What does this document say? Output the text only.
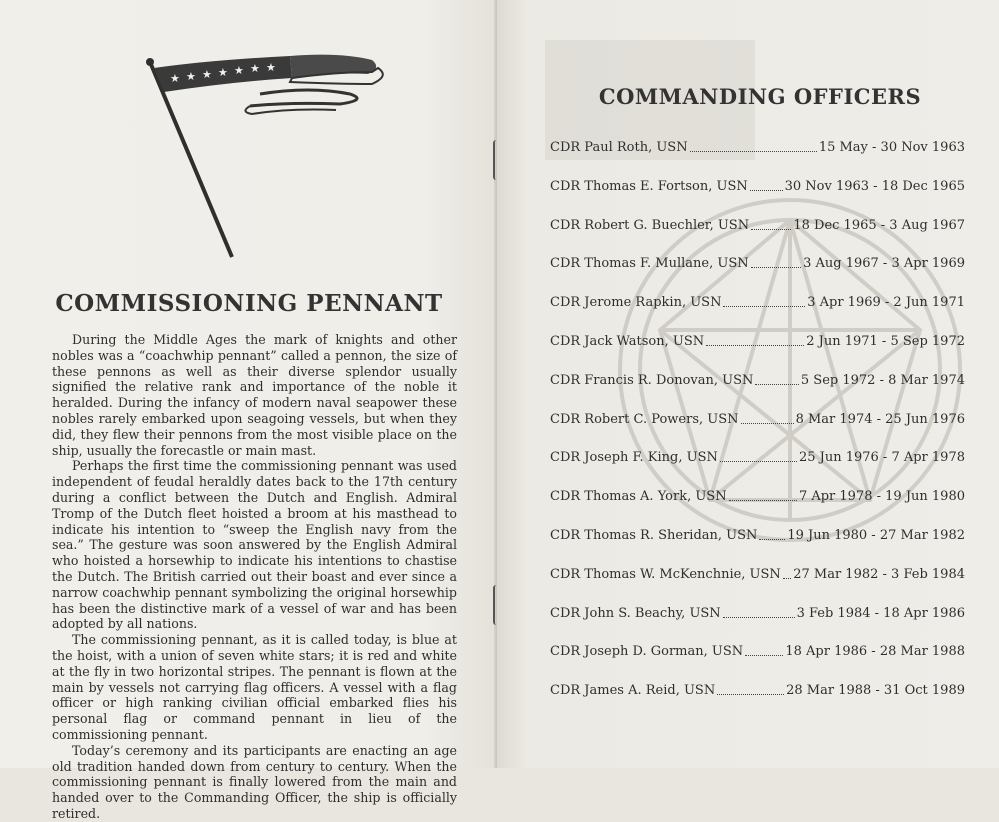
★ ★ ★ ★ ★ ★ ★
COMMISSIONING PENNANT

During the Middle Ages the mark of knights and other nobles was a “coachwhip pennant” called a pennon, the size of these pennons as well as their diverse splendor usually signified the relative rank and importance of the noble it heralded. During the infancy of modern naval seapower these nobles rarely embarked upon seagoing vessels, but when they did, they flew their pennons from the most visible place on the ship, usually the forecastle or main mast.

Perhaps the first time the commissioning pennant was used independent of feudal heraldly dates back to the 17th century during a conflict between the Dutch and English. Admiral Tromp of the Dutch fleet hoisted a broom at his masthead to indicate his intention to “sweep the English navy from the sea.” The gesture was soon answered by the English Admiral who hoisted a horsewhip to indicate his intentions to chastise the Dutch. The British carried out their boast and ever since a narrow coachwhip pennant symbolizing the original horsewhip has been the distinctive mark of a vessel of war and has been adopted by all nations.

The commissioning pennant, as it is called today, is blue at the hoist, with a union of seven white stars; it is red and white at the fly in two horizontal stripes. The pennant is flown at the main by vessels not carrying flag officers. A vessel with a flag officer or high ranking civilian official embarked flies his personal flag or command pennant in lieu of the commissioning pennant.

Today’s ceremony and its participants are enacting an age old tradition handed down from century to century. When the commissioning pennant is finally lowered from the main and handed over to the Commanding Officer, the ship is officially retired.

COMMANDING OFFICERS
CDR Paul Roth, USN	15 May - 30 Nov 1963
CDR Thomas E. Fortson, USN	30 Nov 1963 - 18 Dec 1965
CDR Robert G. Buechler, USN	18 Dec 1965 - 3 Aug 1967
CDR Thomas F. Mullane, USN	3 Aug 1967 - 3 Apr 1969
CDR Jerome Rapkin, USN	3 Apr 1969 - 2 Jun 1971
CDR Jack Watson, USN	2 Jun 1971 - 5 Sep 1972
CDR Francis R. Donovan, USN	5 Sep 1972 - 8 Mar 1974
CDR Robert C. Powers, USN	8 Mar 1974 - 25 Jun 1976
CDR Joseph F. King, USN	25 Jun 1976 - 7 Apr 1978
CDR Thomas A. York, USN	7 Apr 1978 - 19 Jun 1980
CDR Thomas R. Sheridan, USN 19 Jun 1980 - 27 Mar 1982
CDR Thomas W. McKenchnie, USN 27 Mar 1982 - 3 Feb 1984
CDR John S. Beachy, USN	3 Feb 1984 - 18 Apr 1986
CDR Joseph D. Gorman, USN	18 Apr 1986 - 28 Mar 1988
CDR James A. Reid, USN	28 Mar 1988 - 31 Oct 1989
